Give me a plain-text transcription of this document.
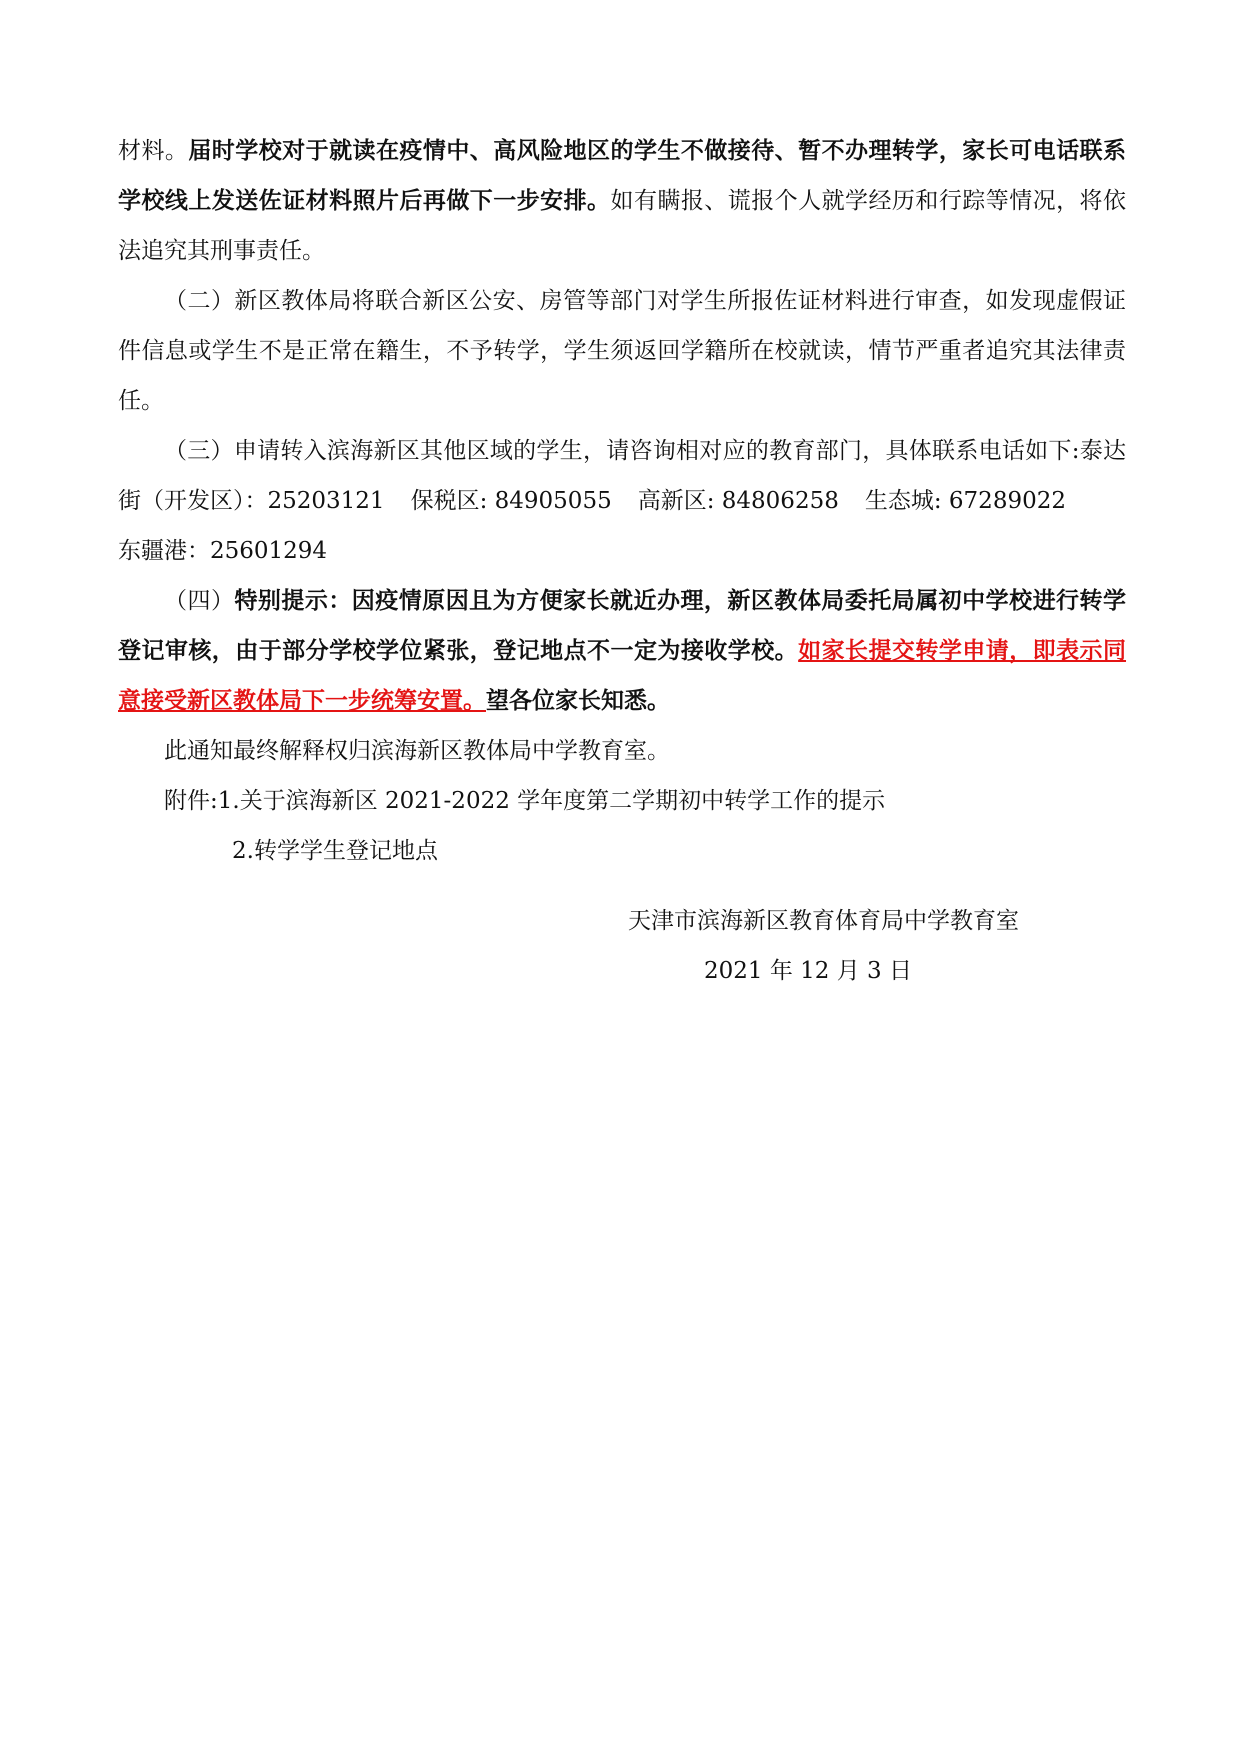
材料。届时学校对于就读在疫情中、高风险地区的学生不做接待、暂不办理转学，家长可电话联系学校线上发送佐证材料照片后再做下一步安排。如有瞒报、谎报个人就学经历和行踪等情况，将依法追究其刑事责任。

（二）新区教体局将联合新区公安、房管等部门对学生所报佐证材料进行审查，如发现虚假证件信息或学生不是正常在籍生，不予转学，学生须返回学籍所在校就读，情节严重者追究其法律责任。

（三）申请转入滨海新区其他区域的学生，请咨询相对应的教育部门，具体联系电话如下:泰达街（开发区）：25203121 保税区: 84905055 高新区: 84806258 生态城: 67289022
东疆港：25601294

（四）特别提示：因疫情原因且为方便家长就近办理，新区教体局委托局属初中学校进行转学登记审核，由于部分学校学位紧张，登记地点不一定为接收学校。如家长提交转学申请，即表示同意接受新区教体局下一步统筹安置。望各位家长知悉。

此通知最终解释权归滨海新区教体局中学教育室。

附件:1.关于滨海新区 2021-2022 学年度第二学期初中转学工作的提示

2.转学学生登记地点

天津市滨海新区教育体育局中学教育室

2021 年 12 月 3 日
